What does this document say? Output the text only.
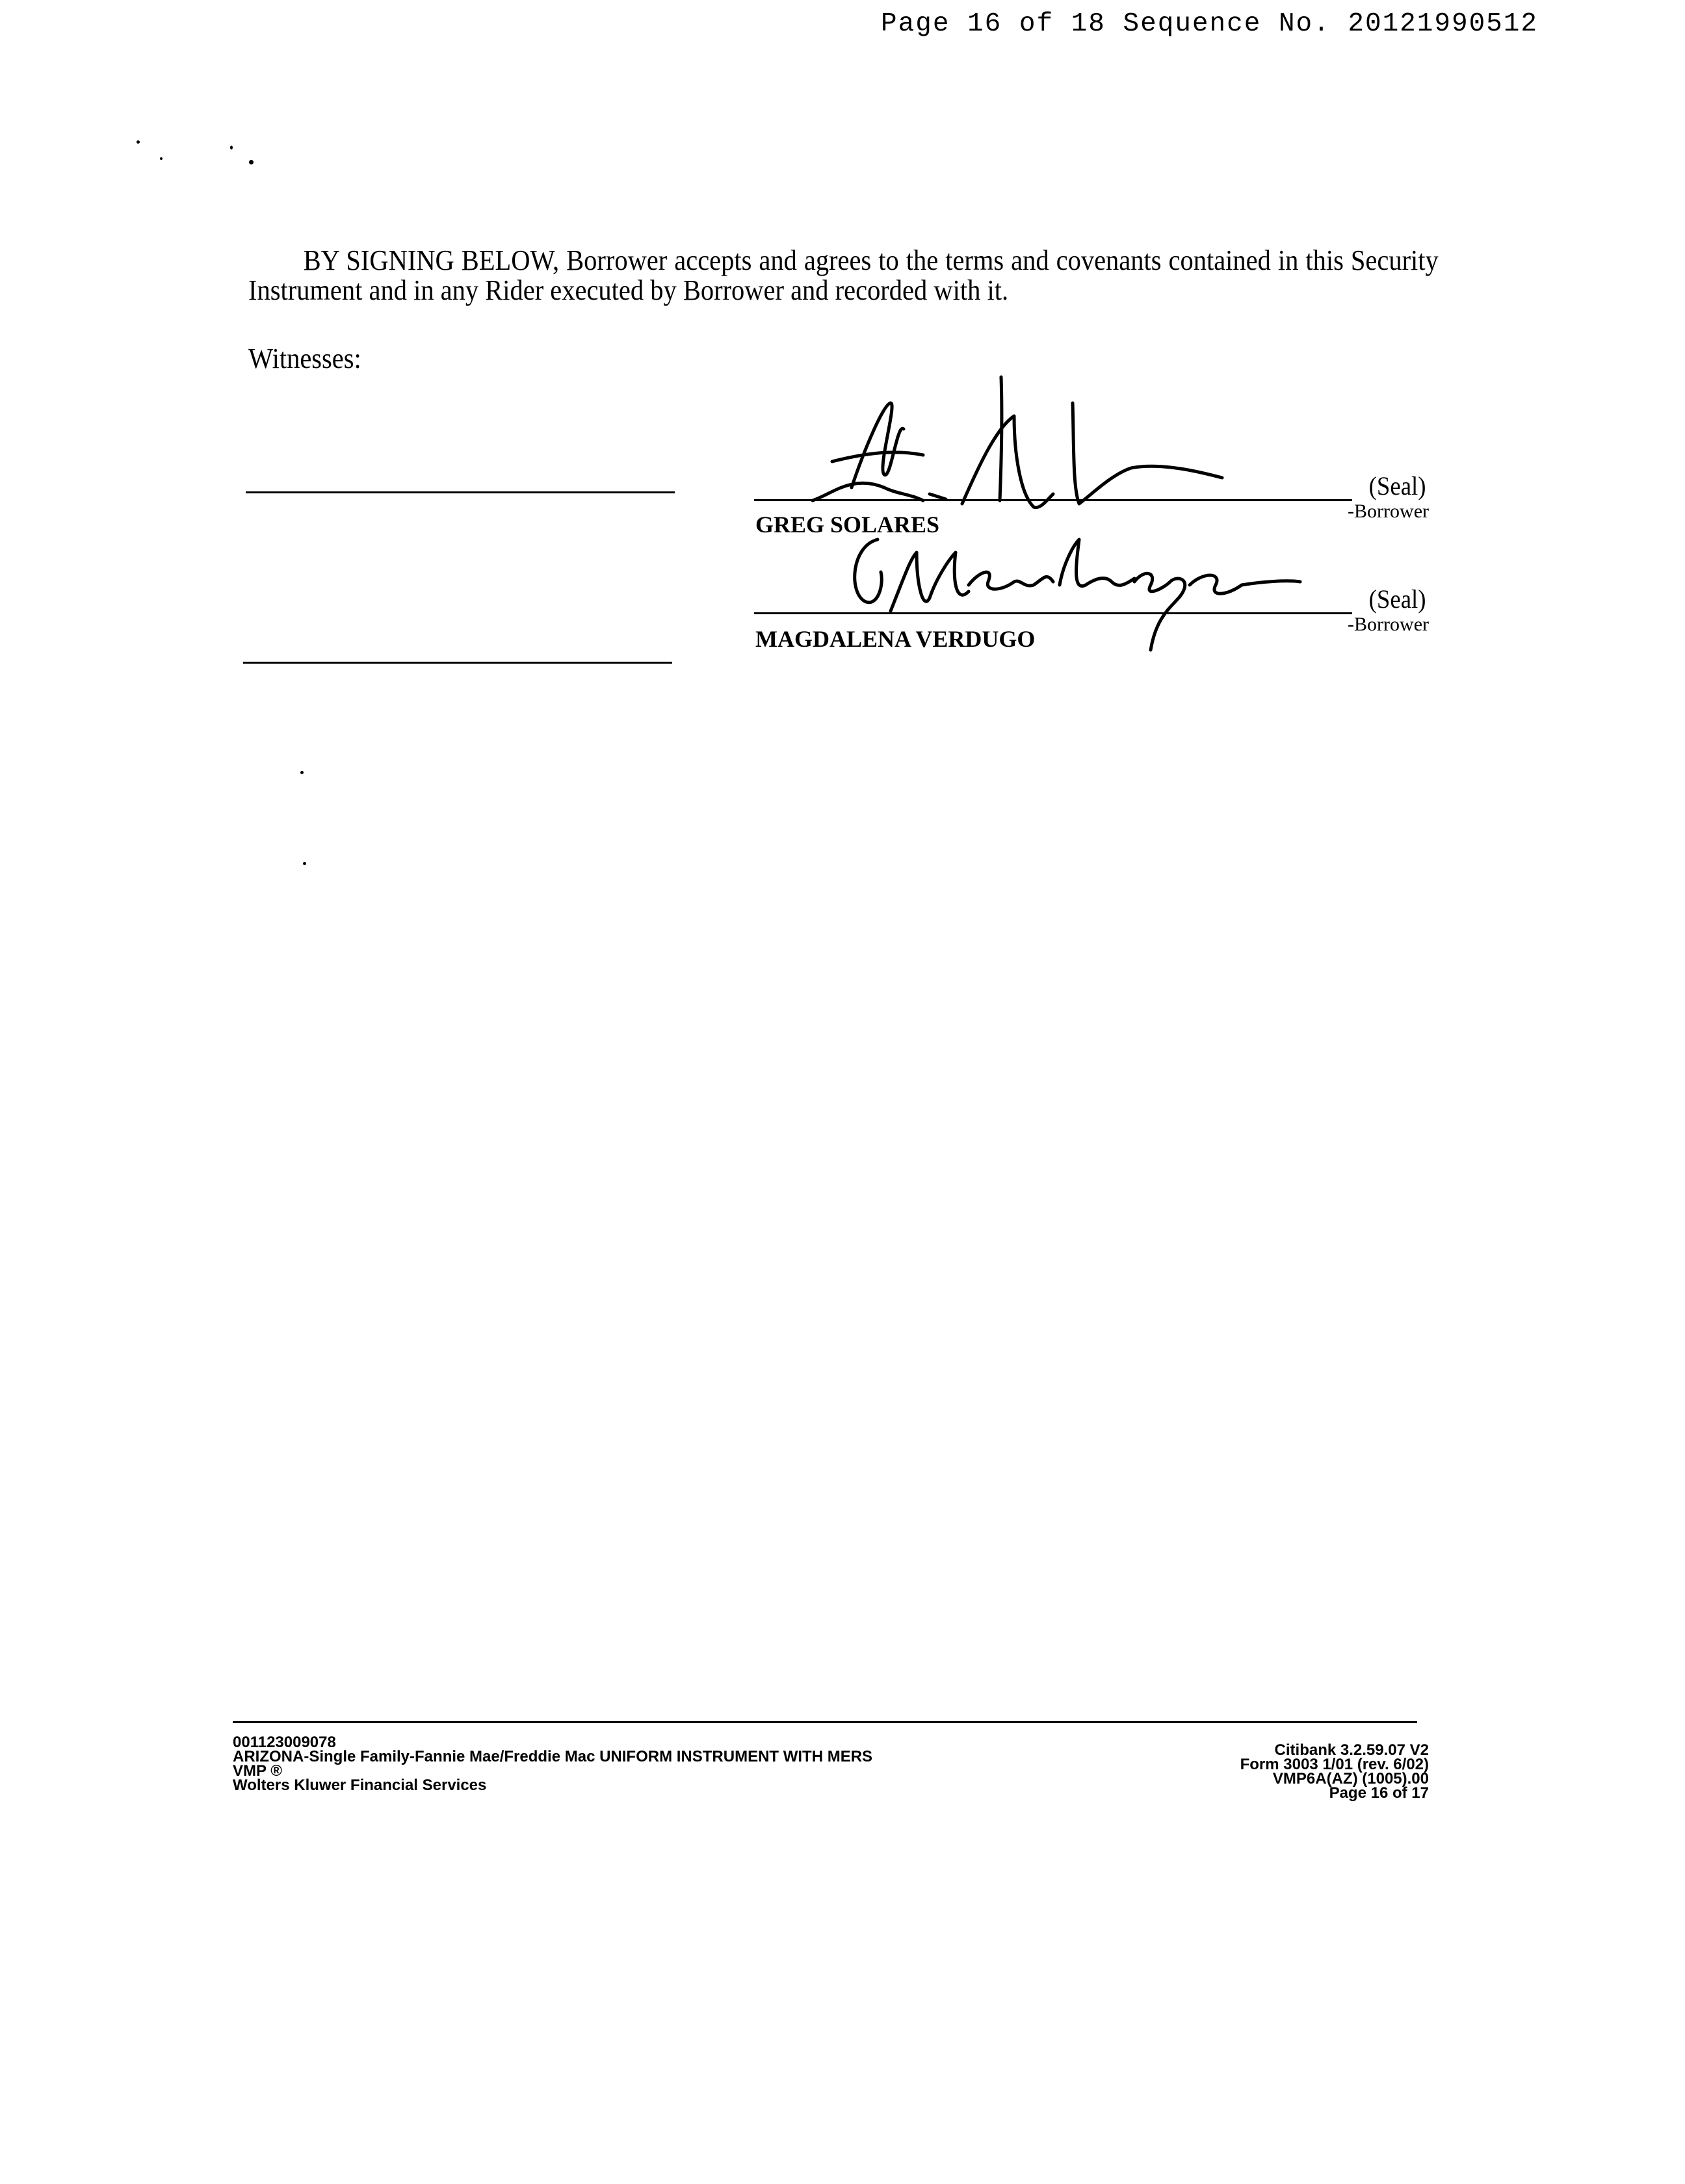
Page 16 of 18 Sequence No. 20121990512
BY SIGNING BELOW, Borrower accepts and agrees to the terms and covenants contained in this Security Instrument and in any Rider executed by Borrower and recorded with it.
Witnesses:
GREG SOLARES
(Seal)
-Borrower
MAGDALENA VERDUGO
(Seal)
-Borrower
001123009078
ARIZONA-Single Family-Fannie Mae/Freddie Mac UNIFORM INSTRUMENT WITH MERS
VMP ®
Wolters Kluwer Financial Services
Citibank 3.2.59.07 V2
Form 3003 1/01 (rev. 6/02)
VMP6A(AZ) (1005).00
Page 16 of 17
